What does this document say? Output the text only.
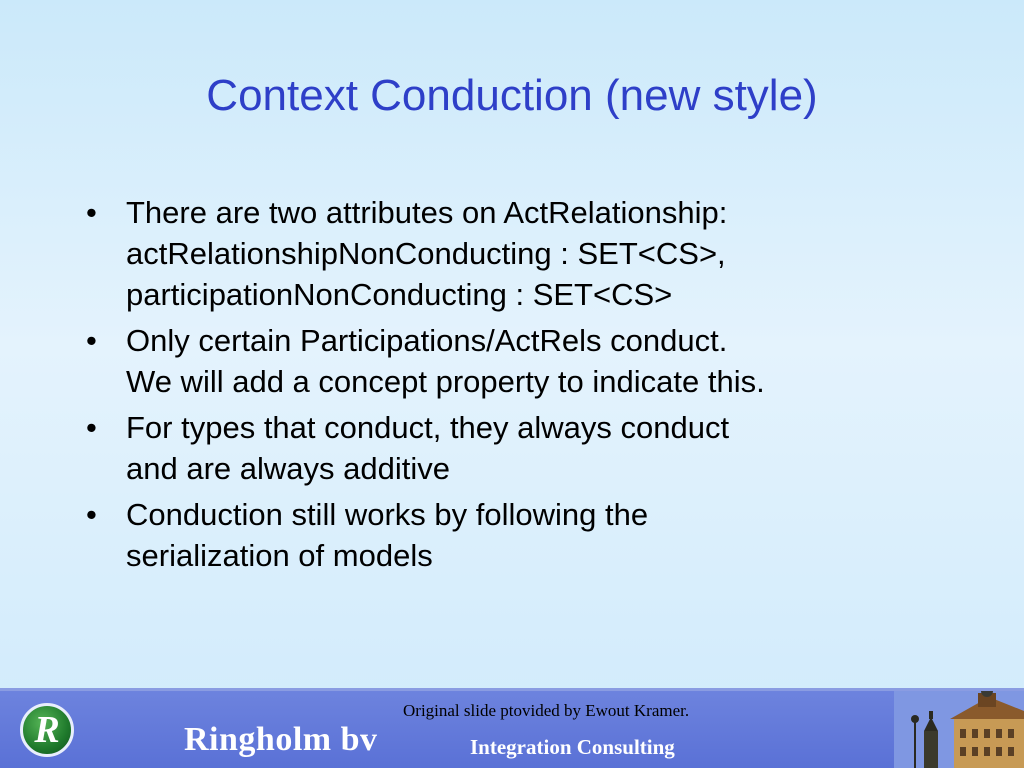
Context Conduction (new style)
• There are two attributes on ActRelationship:
actRelationshipNonConducting : SET<CS>,
participationNonConducting : SET<CS>
• Only certain Participations/ActRels conduct.
We will add a concept property to indicate this.
• For types that conduct, they always conduct
and are always additive
• Conduction still works by following the
serialization of models
R	Original slide ptovided by Ewout Kramer.
Ringholm bv	Integration Consulting
